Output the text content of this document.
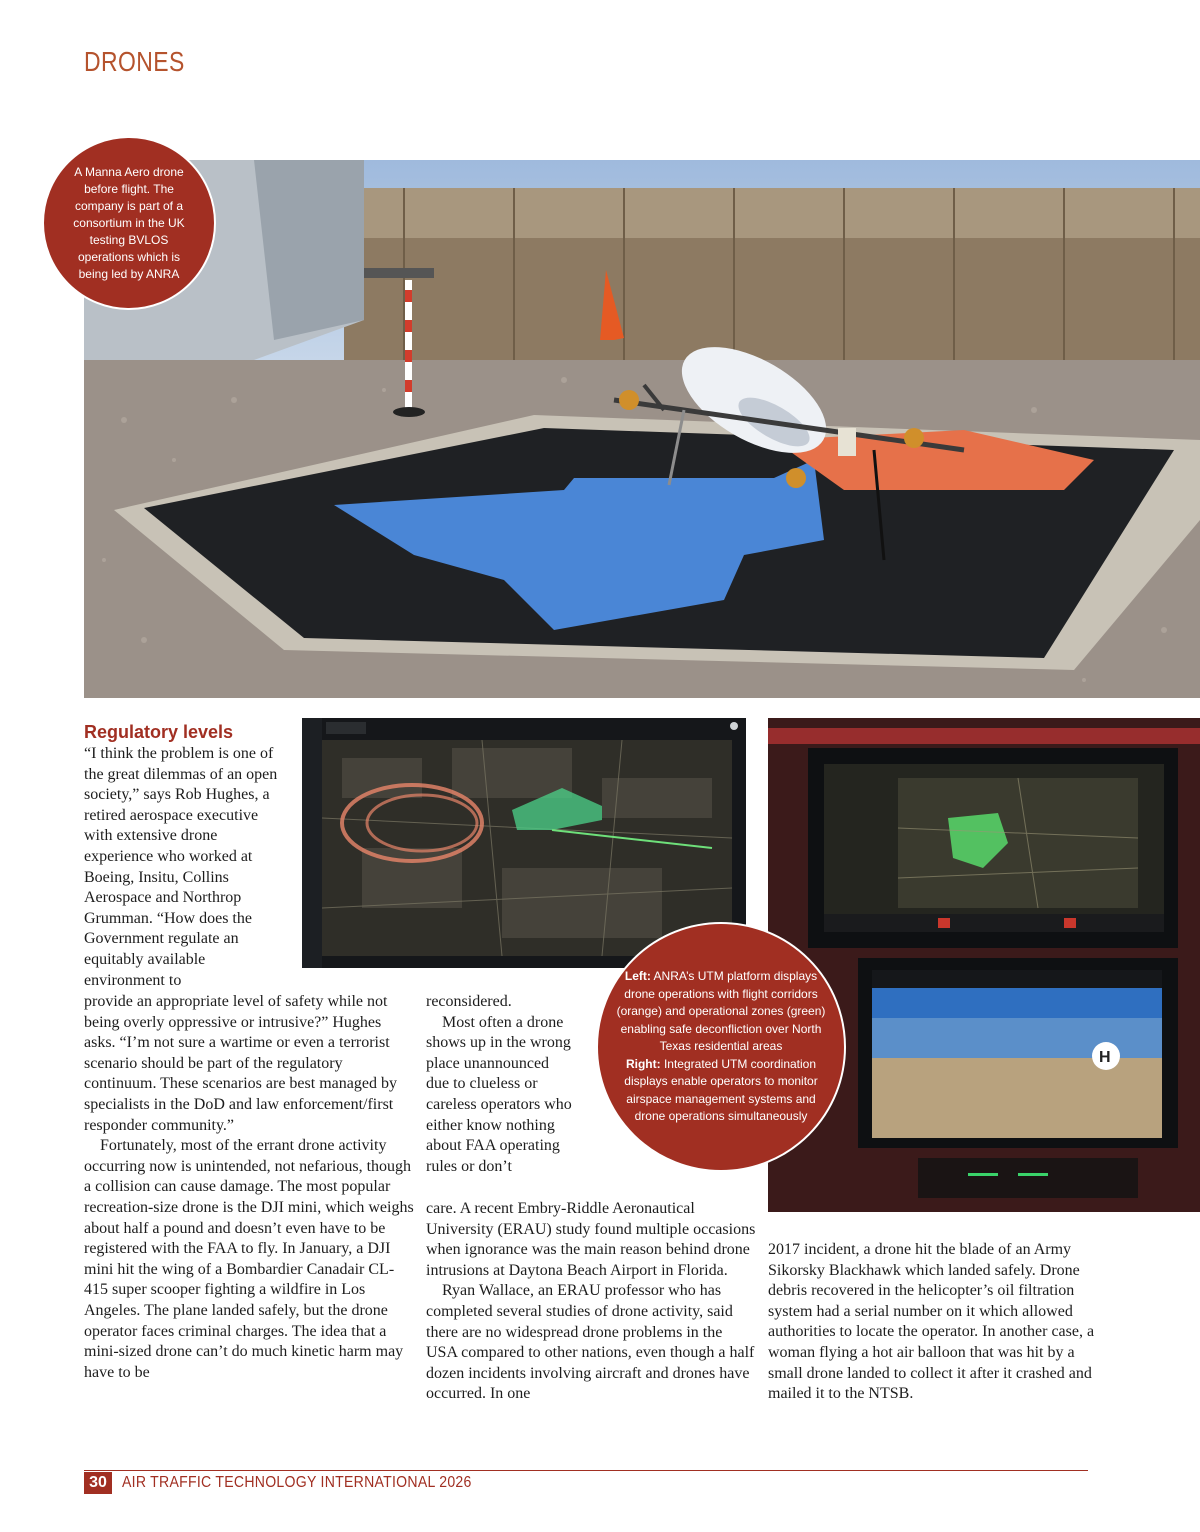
DRONES
A Manna Aero drone before flight. The company is part of a consortium in the UK testing BVLOS operations which is being led by ANRA
H
Left: ANRA’s UTM platform displays drone operations with flight corridors (orange) and operational zones (green) enabling safe deconfliction over North Texas residential areas
Right: Integrated UTM coordination displays enable operators to monitor airspace management systems and drone operations simultaneously
Regulatory levels

“I think the problem is one of the great dilemmas of an open society,” says Rob Hughes, a retired aerospace executive with extensive drone experience who worked at Boeing, Insitu, Collins Aerospace and Northrop Grumman. “How does the Government regulate an equitably available environment to

provide an appropriate level of safety while not being overly oppressive or intrusive?” Hughes asks. “I’m not sure a wartime or even a terrorist scenario should be part of the regulatory continuum. These scenarios are best managed by specialists in the DoD and law enforcement/first responder community.”

Fortunately, most of the errant drone activity occurring now is unintended, not nefarious, though a collision can cause damage. The most popular recreation-size drone is the DJI mini, which weighs about half a pound and doesn’t even have to be registered with the FAA to fly. In January, a DJI mini hit the wing of a Bombardier Canadair CL-415 super scooper fighting a wildfire in Los Angeles. The plane landed safely, but the drone operator faces criminal charges. The idea that a mini-sized drone can’t do much kinetic harm may have to be

reconsidered.

Most often a drone shows up in the wrong place unannounced due to clueless or careless operators who either know nothing about FAA operating rules or don’t

care. A recent Embry-Riddle Aeronautical University (ERAU) study found multiple occasions when ignorance was the main reason behind drone intrusions at Daytona Beach Airport in Florida.

Ryan Wallace, an ERAU professor who has completed several studies of drone activity, said there are no widespread drone problems in the USA compared to other nations, even though a half dozen incidents involving aircraft and drones have occurred. In one

2017 incident, a drone hit the blade of an Army Sikorsky Blackhawk which landed safely. Drone debris recovered in the helicopter’s oil filtration system had a serial number on it which allowed authorities to locate the operator. In another case, a woman flying a hot air balloon that was hit by a small drone landed to collect it after it crashed and mailed it to the NTSB.

30 AIR TRAFFIC TECHNOLOGY INTERNATIONAL 2026
